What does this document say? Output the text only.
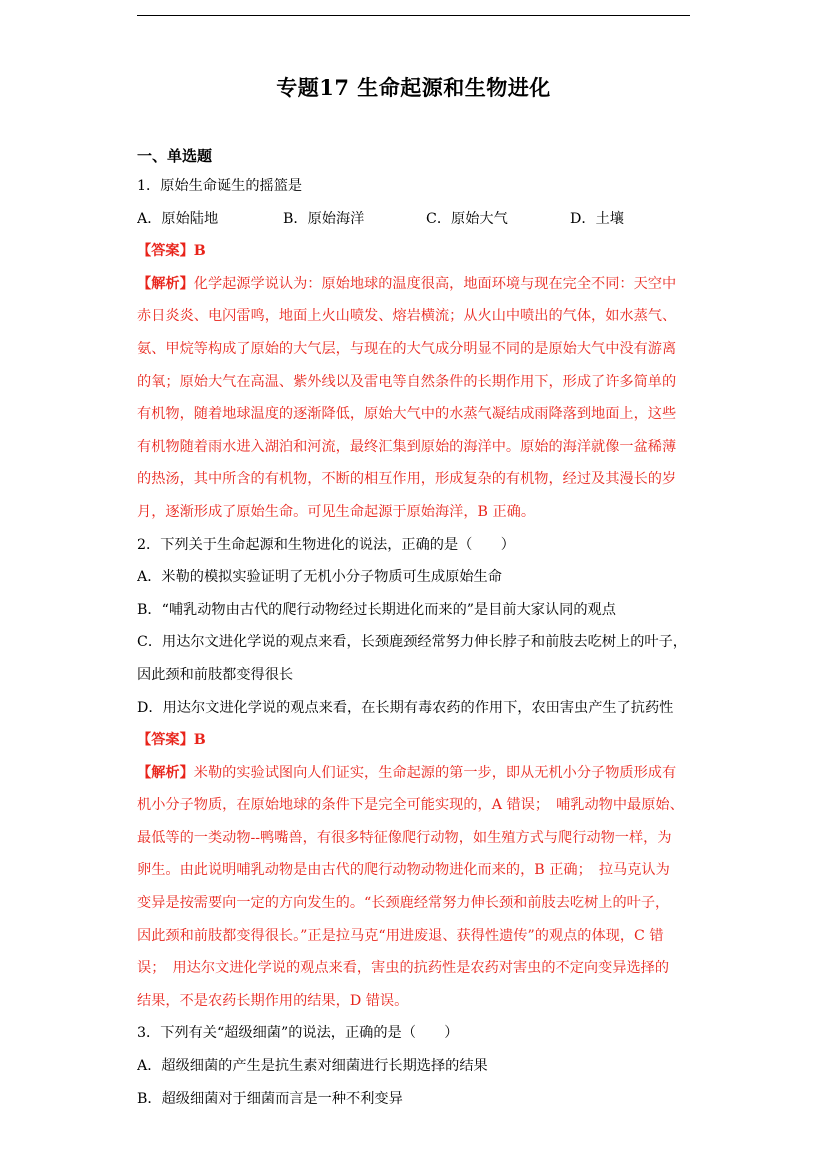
专题17 生命起源和生物进化
一、单选题
1．原始生命诞生的摇篮是
A．原始陆地	B．原始海洋	C．原始大气	D．土壤
【答案】B
【解析】化学起源学说认为：原始地球的温度很高，地面环境与现在完全不同：天空中
赤日炎炎、电闪雷鸣，地面上火山喷发、熔岩横流；从火山中喷出的气体，如水蒸气、
氨、甲烷等构成了原始的大气层，与现在的大气成分明显不同的是原始大气中没有游离
的氧；原始大气在高温、紫外线以及雷电等自然条件的长期作用下，形成了许多简单的
有机物，随着地球温度的逐渐降低，原始大气中的水蒸气凝结成雨降落到地面上，这些
有机物随着雨水进入湖泊和河流，最终汇集到原始的海洋中。原始的海洋就像一盆稀薄
的热汤，其中所含的有机物，不断的相互作用，形成复杂的有机物，经过及其漫长的岁
月，逐渐形成了原始生命。可见生命起源于原始海洋，B 正确。
2．下列关于生命起源和生物进化的说法，正确的是（　　）
A．米勒的模拟实验证明了无机小分子物质可生成原始生命
B．“哺乳动物由古代的爬行动物经过长期进化而来的”是目前大家认同的观点
C．用达尔文进化学说的观点来看，长颈鹿颈经常努力伸长脖子和前肢去吃树上的叶子，
因此颈和前肢都变得很长
D．用达尔文进化学说的观点来看，在长期有毒农药的作用下，农田害虫产生了抗药性
【答案】B
【解析】米勒的实验试图向人们证实，生命起源的第一步，即从无机小分子物质形成有
机小分子物质，在原始地球的条件下是完全可能实现的，A 错误；　哺乳动物中最原始、
最低等的一类动物--鸭嘴兽，有很多特征像爬行动物，如生殖方式与爬行动物一样，为
卵生。由此说明哺乳动物是由古代的爬行动物动物进化而来的，B 正确；　拉马克认为
变异是按需要向一定的方向发生的。“长颈鹿经常努力伸长颈和前肢去吃树上的叶子，
因此颈和前肢都变得很长。”正是拉马克“用进废退、获得性遗传”的观点的体现，C 错
误；　用达尔文进化学说的观点来看，害虫的抗药性是农药对害虫的不定向变异选择的
结果，不是农药长期作用的结果，D 错误。
3．下列有关“超级细菌”的说法，正确的是（　　）
A．超级细菌的产生是抗生素对细菌进行长期选择的结果
B．超级细菌对于细菌而言是一种不利变异
